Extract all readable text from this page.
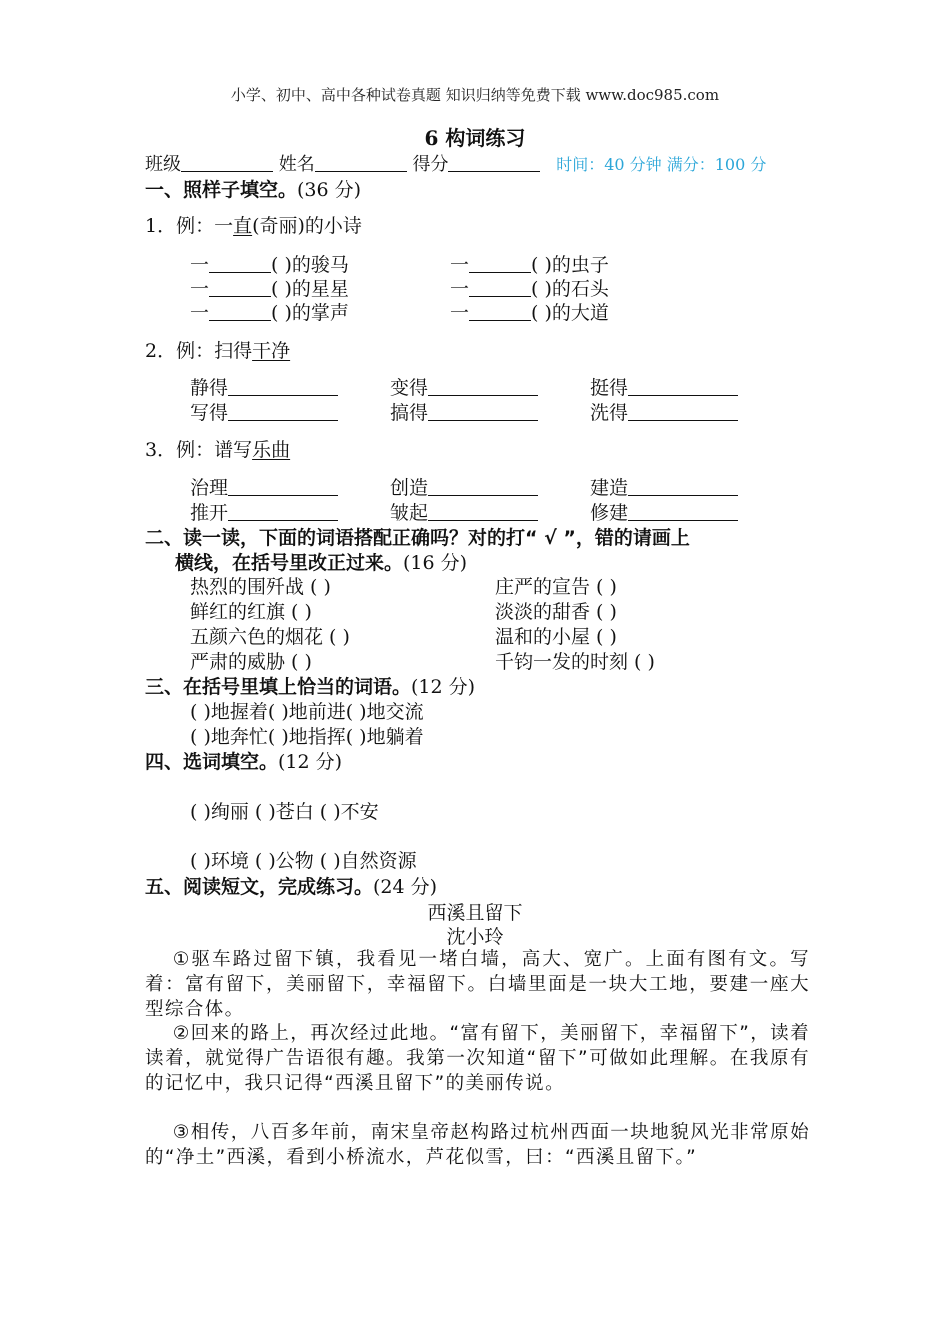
小学、初中、高中各种试卷真题 知识归纳等免费下载 www.doc985.com
6 构词练习
班级	姓名	得分	时间：40 分钟 满分：100 分
一、照样子填空。(36 分)
1．例：一直(奇丽)的小诗
一	( )的骏马	一	( )的虫子
一	( )的星星	一	( )的石头
一	( )的掌声	一	( )的大道
2．例：扫得干净
静得	变得	挺得
写得	搞得	洗得
3．例：谱写乐曲
治理	创造	建造
推开	皱起	修建
二、读一读，下面的词语搭配正确吗？对的打“ √ ”，错的请画上
横线，在括号里改正过来。(16 分)
热烈的围歼战 ( )	庄严的宣告 ( )
鲜红的红旗 ( )	淡淡的甜香 ( )
五颜六色的烟花 ( )	温和的小屋 ( )
严肃的威胁 ( )	千钧一发的时刻 ( )
三、在括号里填上恰当的词语。(12 分)
( )地握着( )地前进( )地交流
( )地奔忙( )地指挥( )地躺着
四、选词填空。(12 分)
( )绚丽 ( )苍白 ( )不安
( )环境 ( )公物 ( )自然资源
五、阅读短文，完成练习。(24 分)
西溪且留下
沈小玲
①驱车路过留下镇，我看见一堵白墙，高大、宽广。上面有图有文。写着：富有留下，美丽留下，幸福留下。白墙里面是一块大工地，要建一座大型综合体。
②回来的路上，再次经过此地。“富有留下，美丽留下，幸福留下”，读着读着，就觉得广告语很有趣。我第一次知道“留下”可做如此理解。在我原有的记忆中，我只记得“西溪且留下”的美丽传说。
③相传，八百多年前，南宋皇帝赵构路过杭州西面一块地貌风光非常原始的“净土”西溪，看到小桥流水，芦花似雪，曰：“西溪且留下。”
